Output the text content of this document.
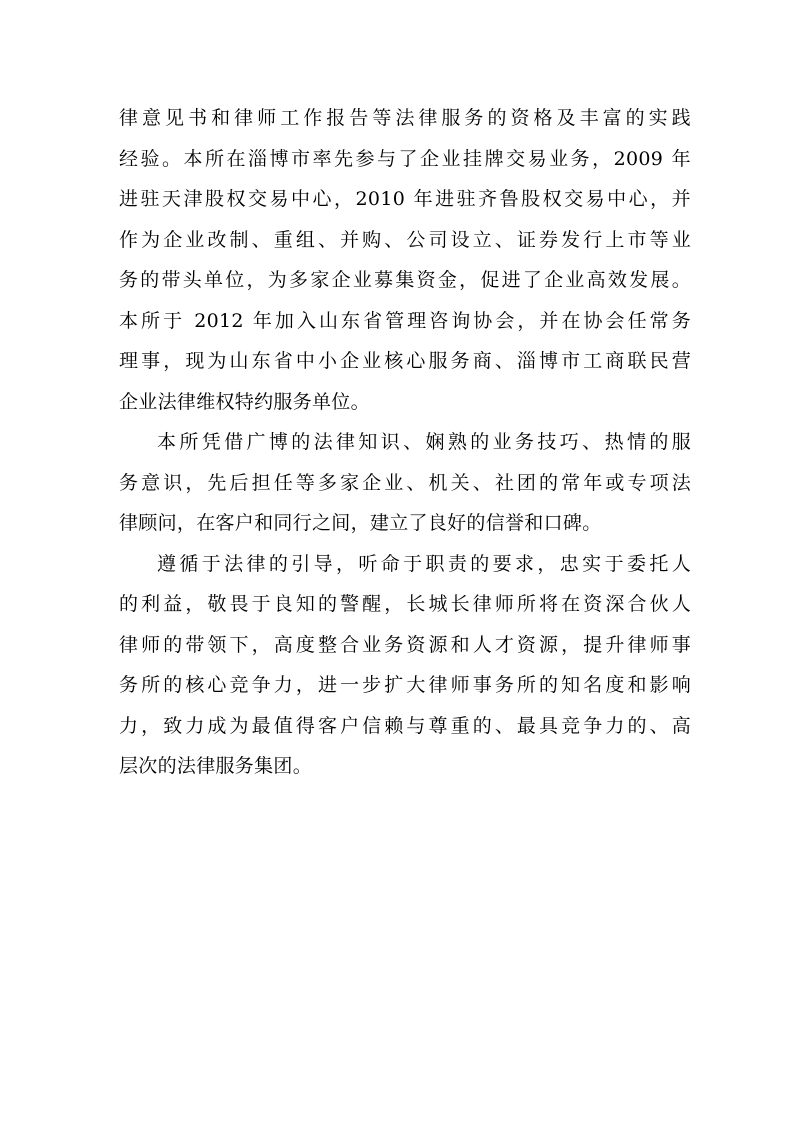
律意见书和律师工作报告等法律服务的资格及丰富的实践
经验。本所在淄博市率先参与了企业挂牌交易业务，2009 年
进驻天津股权交易中心，2010 年进驻齐鲁股权交易中心，并
作为企业改制、重组、并购、公司设立、证券发行上市等业
务的带头单位，为多家企业募集资金，促进了企业高效发展。
本所于 2012 年加入山东省管理咨询协会，并在协会任常务
理事，现为山东省中小企业核心服务商、淄博市工商联民营
企业法律维权特约服务单位。
本所凭借广博的法律知识、娴熟的业务技巧、热情的服
务意识，先后担任等多家企业、机关、社团的常年或专项法
律顾问，在客户和同行之间，建立了良好的信誉和口碑。
遵循于法律的引导，听命于职责的要求，忠实于委托人
的利益，敬畏于良知的警醒，长城长律师所将在资深合伙人
律师的带领下，高度整合业务资源和人才资源，提升律师事
务所的核心竞争力，进一步扩大律师事务所的知名度和影响
力，致力成为最值得客户信赖与尊重的、最具竞争力的、高
层次的法律服务集团。
